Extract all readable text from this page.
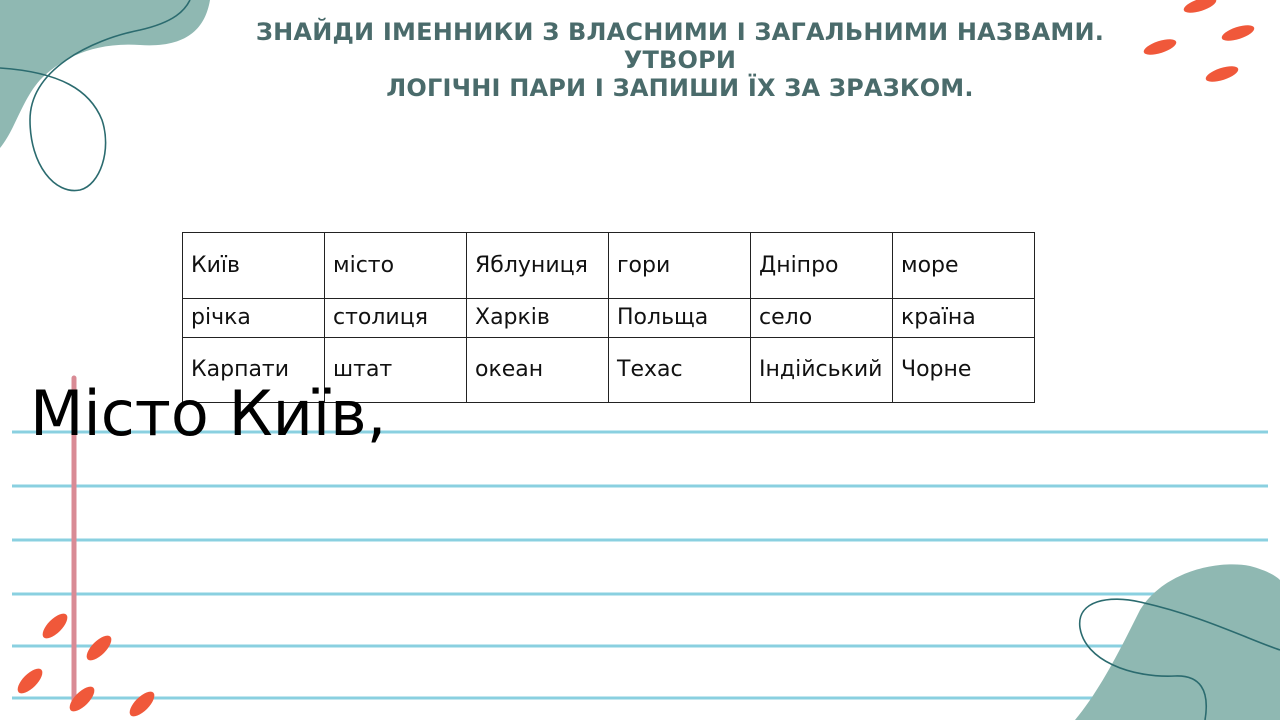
ЗНАЙДИ ІМЕННИКИ З ВЛАСНИМИ І ЗАГАЛЬНИМИ НАЗВАМИ. УТВОРИ
ЛОГІЧНІ ПАРИ І ЗАПИШИ ЇХ ЗА ЗРАЗКОМ.
Київ	місто	Яблуниця	гори	Дніпро	море
річка	столиця	Харків	Польща	село	країна
Карпати	штат	океан	Техас	Індійський	Чорне
Місто Київ,
